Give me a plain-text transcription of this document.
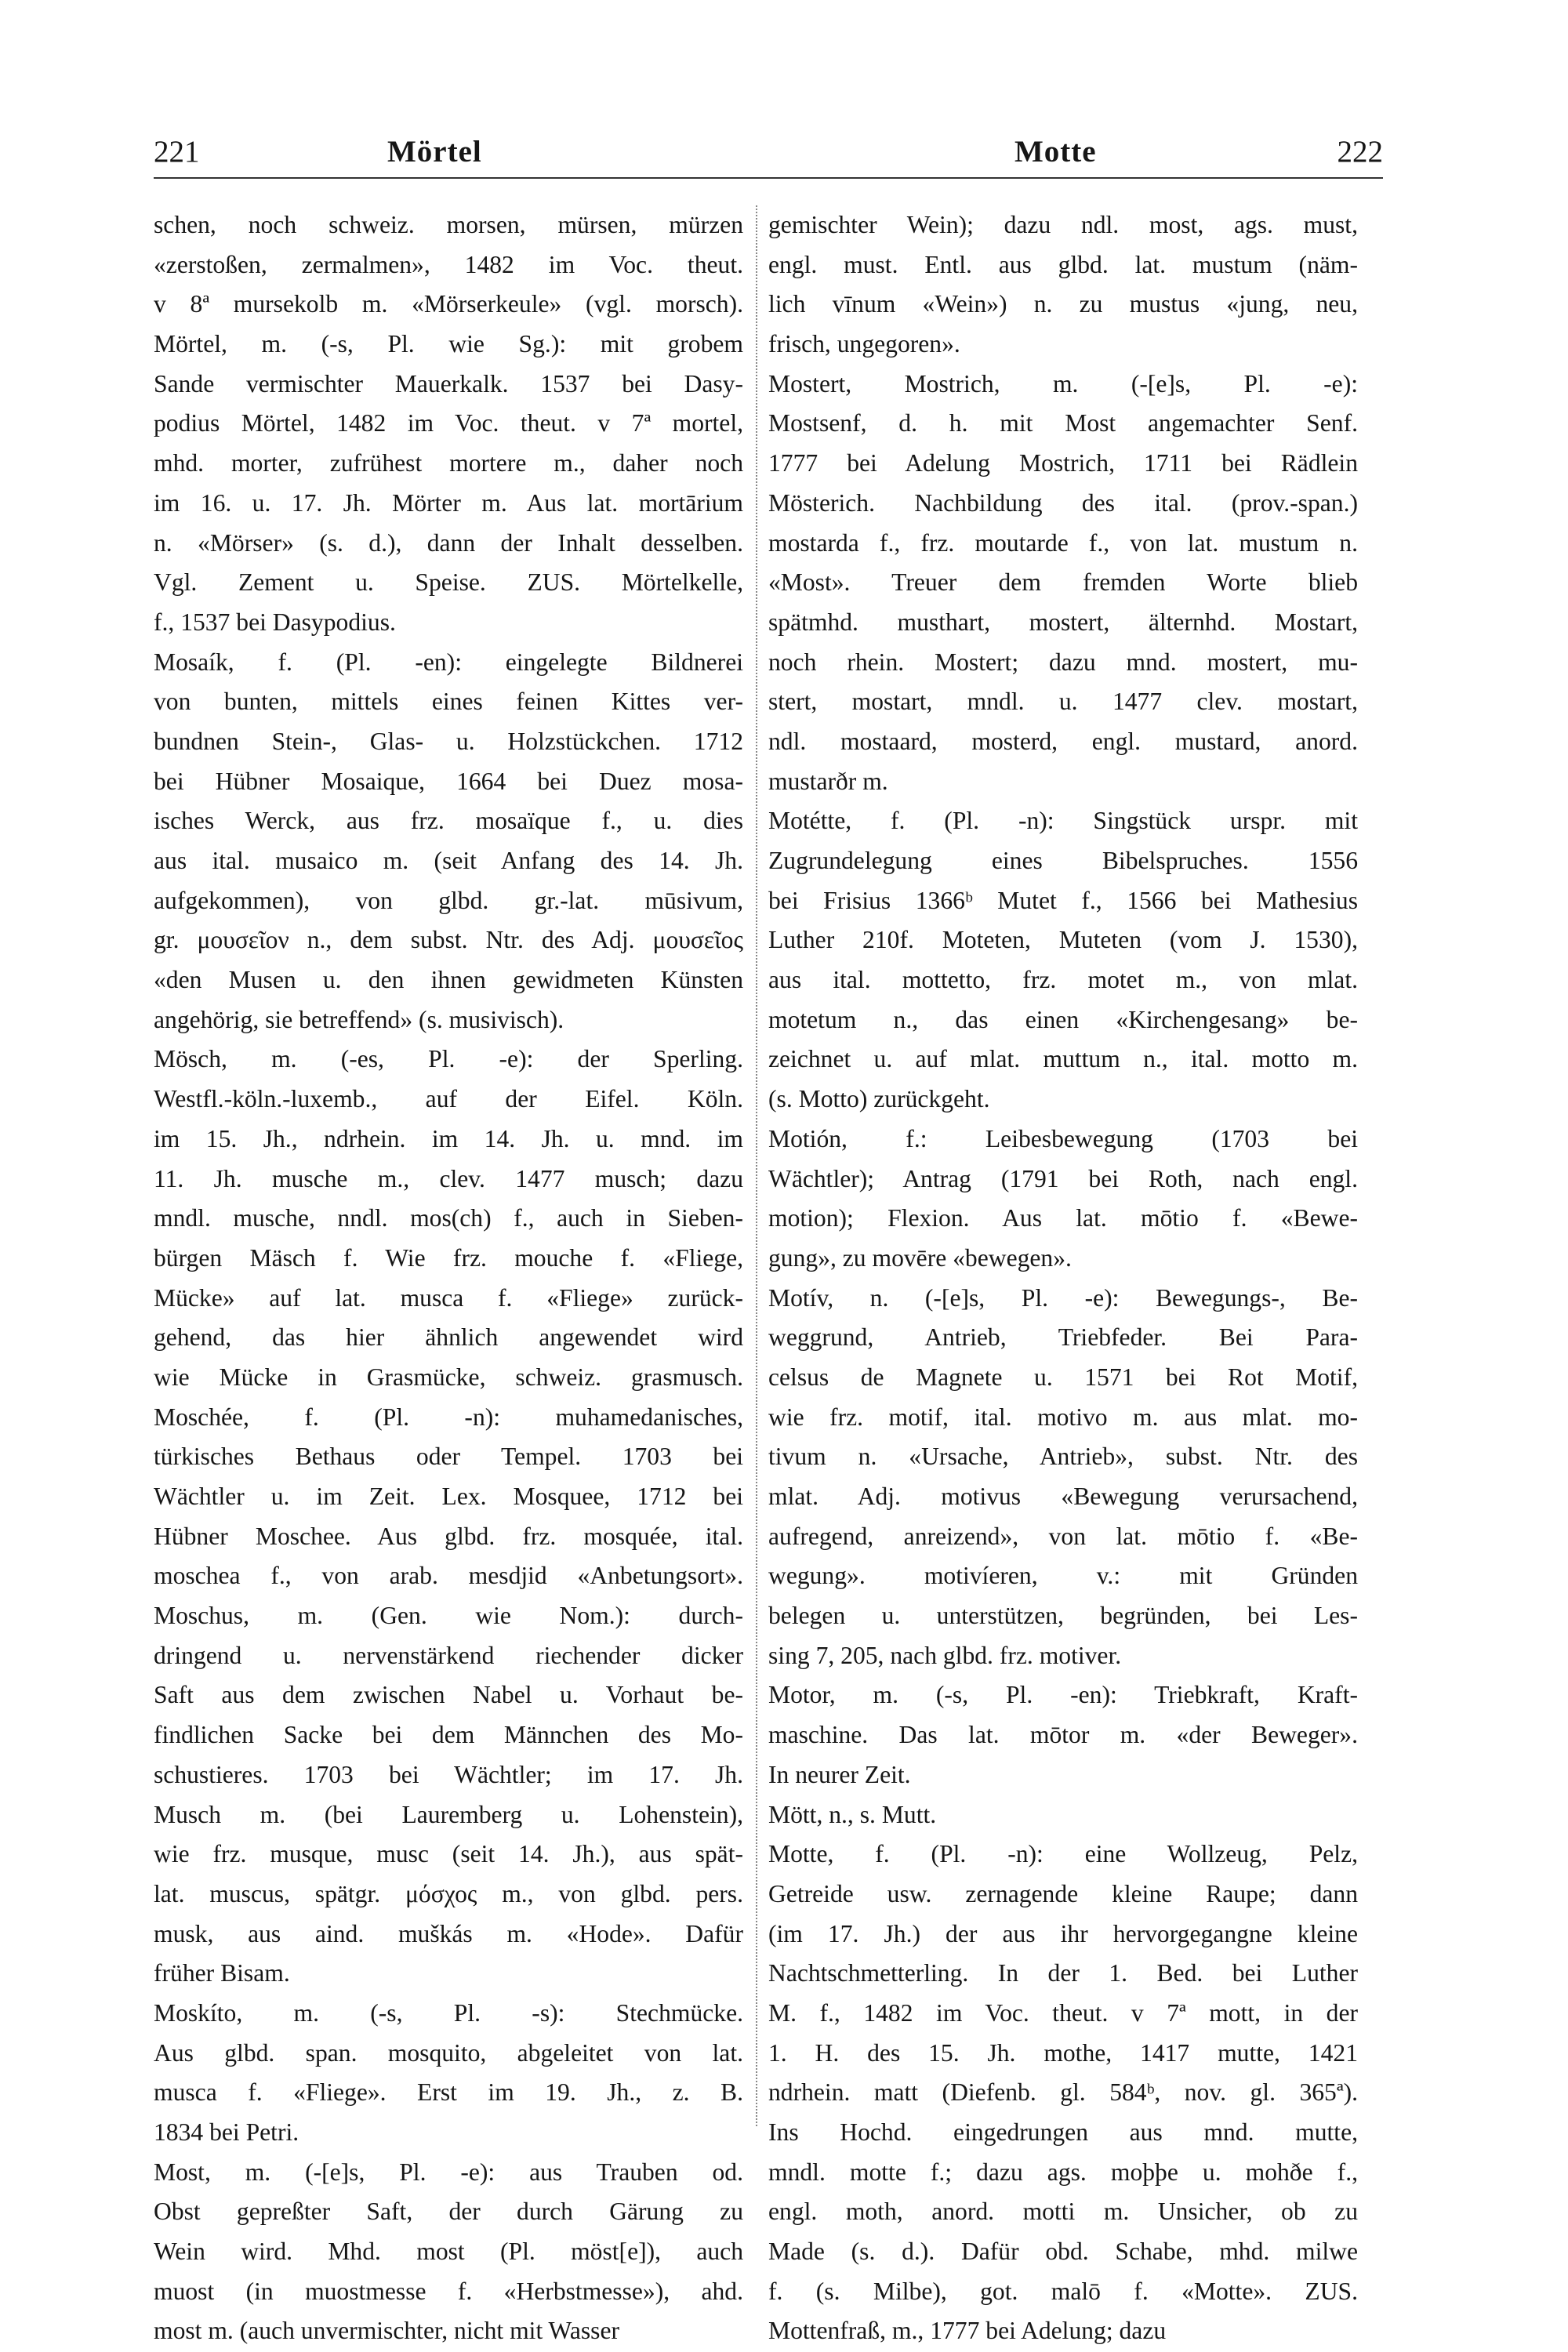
221	Mörtel	Motte	222
schen, noch schweiz. morsen, mürsen, mürzen
«zerstoßen, zermalmen», 1482 im Voc. theut.
v 8ª mursekolb m. «Mörserkeule» (vgl. morsch).
Mörtel, m. (-s, Pl. wie Sg.): mit grobem
Sande vermischter Mauerkalk. 1537 bei Dasy-
podius Mörtel, 1482 im Voc. theut. v 7ª mortel,
mhd. morter, zufrühest mortere m., daher noch
im 16. u. 17. Jh. Mörter m. Aus lat. mortārium
n. «Mörser» (s. d.), dann der Inhalt desselben.
Vgl. Zement u. Speise. ZUS. Mörtelkelle,
f., 1537 bei Dasypodius.
Mosaík, f. (Pl. -en): eingelegte Bildnerei
von bunten, mittels eines feinen Kittes ver-
bundnen Stein-, Glas- u. Holzstückchen. 1712
bei Hübner Mosaique, 1664 bei Duez mosa-
isches Werck, aus frz. mosaïque f., u. dies
aus ital. musaico m. (seit Anfang des 14. Jh.
aufgekommen), von glbd. gr.-lat. mūsivum,
gr. μουσεῖον n., dem subst. Ntr. des Adj. μουσεῖος
«den Musen u. den ihnen gewidmeten Künsten
angehörig, sie betreffend» (s. musivisch).
Mösch, m. (-es, Pl. -e): der Sperling.
Westfl.-köln.-luxemb., auf der Eifel. Köln.
im 15. Jh., ndrhein. im 14. Jh. u. mnd. im
11. Jh. musche m., clev. 1477 musch; dazu
mndl. musche, nndl. mos(ch) f., auch in Sieben-
bürgen Mäsch f. Wie frz. mouche f. «Fliege,
Mücke» auf lat. musca f. «Fliege» zurück-
gehend, das hier ähnlich angewendet wird
wie Mücke in Grasmücke, schweiz. grasmusch.
Moschée, f. (Pl. -n): muhamedanisches,
türkisches Bethaus oder Tempel. 1703 bei
Wächtler u. im Zeit. Lex. Mosquee, 1712 bei
Hübner Moschee. Aus glbd. frz. mosquée, ital.
moschea f., von arab. mesdjid «Anbetungsort».
Moschus, m. (Gen. wie Nom.): durch-
dringend u. nervenstärkend riechender dicker
Saft aus dem zwischen Nabel u. Vorhaut be-
findlichen Sacke bei dem Männchen des Mo-
schustieres. 1703 bei Wächtler; im 17. Jh.
Musch m. (bei Lauremberg u. Lohenstein),
wie frz. musque, musc (seit 14. Jh.), aus spät-
lat. muscus, spätgr. μόσχος m., von glbd. pers.
musk, aus aind. muškás m. «Hode». Dafür
früher Bisam.
Moskíto, m. (-s, Pl. -s): Stechmücke.
Aus glbd. span. mosquito, abgeleitet von lat.
musca f. «Fliege». Erst im 19. Jh., z. B.
1834 bei Petri.
Most, m. (-[e]s, Pl. -e): aus Trauben od.
Obst gepreßter Saft, der durch Gärung zu
Wein wird. Mhd. most (Pl. möst[e]), auch
muost (in muostmesse f. «Herbstmesse»), ahd.
most m. (auch unvermischter, nicht mit Wasser
gemischter Wein); dazu ndl. most, ags. must,
engl. must. Entl. aus glbd. lat. mustum (näm-
lich vīnum «Wein») n. zu mustus «jung, neu,
frisch, ungegoren».
Mostert, Mostrich, m. (-[e]s, Pl. -e):
Mostsenf, d. h. mit Most angemachter Senf.
1777 bei Adelung Mostrich, 1711 bei Rädlein
Mösterich. Nachbildung des ital. (prov.-span.)
mostarda f., frz. moutarde f., von lat. mustum n.
«Most». Treuer dem fremden Worte blieb
spätmhd. musthart, mostert, älternhd. Mostart,
noch rhein. Mostert; dazu mnd. mostert, mu-
stert, mostart, mndl. u. 1477 clev. mostart,
ndl. mostaard, mosterd, engl. mustard, anord.
mustarðr m.
Motétte, f. (Pl. -n): Singstück urspr. mit
Zugrundelegung eines Bibelspruches. 1556
bei Frisius 1366ᵇ Mutet f., 1566 bei Mathesius
Luther 210f. Moteten, Muteten (vom J. 1530),
aus ital. mottetto, frz. motet m., von mlat.
motetum n., das einen «Kirchengesang» be-
zeichnet u. auf mlat. muttum n., ital. motto m.
(s. Motto) zurückgeht.
Motión, f.: Leibesbewegung (1703 bei
Wächtler); Antrag (1791 bei Roth, nach engl.
motion); Flexion. Aus lat. mōtio f. «Bewe-
gung», zu movēre «bewegen».
Motív, n. (-[e]s, Pl. -e): Bewegungs-, Be-
weggrund, Antrieb, Triebfeder. Bei Para-
celsus de Magnete u. 1571 bei Rot Motif,
wie frz. motif, ital. motivo m. aus mlat. mo-
tivum n. «Ursache, Antrieb», subst. Ntr. des
mlat. Adj. motivus «Bewegung verursachend,
aufregend, anreizend», von lat. mōtio f. «Be-
wegung». motivíeren, v.: mit Gründen
belegen u. unterstützen, begründen, bei Les-
sing 7, 205, nach glbd. frz. motiver.
Motor, m. (-s, Pl. -en): Triebkraft, Kraft-
maschine. Das lat. mōtor m. «der Beweger».
In neurer Zeit.
Mött, n., s. Mutt.
Motte, f. (Pl. -n): eine Wollzeug, Pelz,
Getreide usw. zernagende kleine Raupe; dann
(im 17. Jh.) der aus ihr hervorgegangne kleine
Nachtschmetterling. In der 1. Bed. bei Luther
M. f., 1482 im Voc. theut. v 7ª mott, in der
1. H. des 15. Jh. mothe, 1417 mutte, 1421
ndrhein. matt (Diefenb. gl. 584ᵇ, nov. gl. 365ª).
Ins Hochd. eingedrungen aus mnd. mutte,
mndl. motte f.; dazu ags. moþþe u. mohðe f.,
engl. moth, anord. motti m. Unsicher, ob zu
Made (s. d.). Dafür obd. Schabe, mhd. milwe
f. (s. Milbe), got. malō f. «Motte». ZUS.
Mottenfraß, m., 1777 bei Adelung; dazu
